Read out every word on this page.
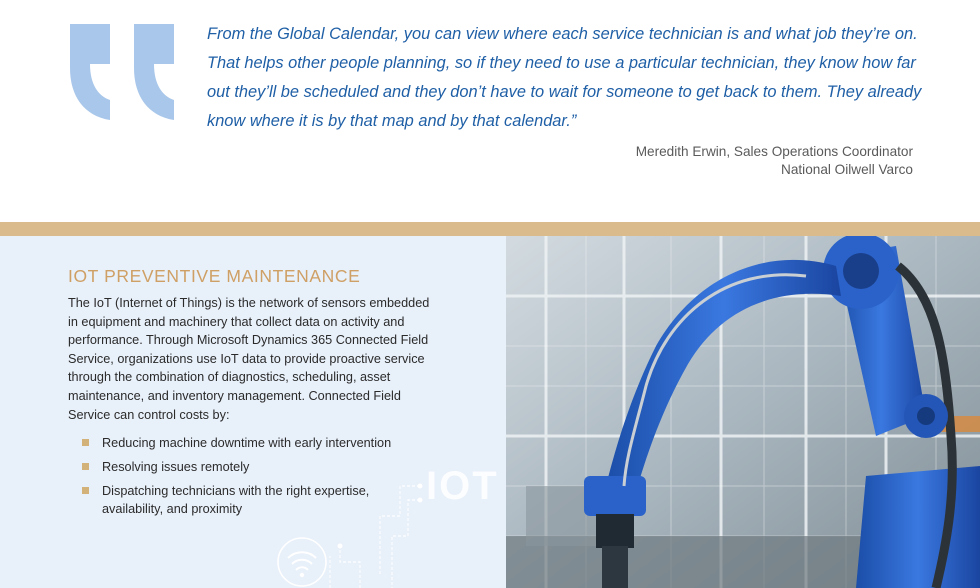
From the Global Calendar, you can view where each service technician is and what job they’re on. That helps other people planning, so if they need to use a particular technician, they know how far out they’ll be scheduled and they don’t have to wait for someone to get back to them. They already know where it is by that map and by that calendar.”

Meredith Erwin, Sales Operations Coordinator
National Oilwell Varco
IOT PREVENTIVE MAINTENANCE

The IoT (Internet of Things) is the network of sensors embedded in equipment and machinery that collect data on activity and performance. Through Microsoft Dynamics 365 Connected Field Service, organizations use IoT data to provide proactive service through the combination of diagnostics, scheduling, asset maintenance, and inventory management. Connected Field Service can control costs by:

Reducing machine downtime with early intervention
Resolving issues remotely
Dispatching technicians with the right expertise, availability, and proximity
IOT
